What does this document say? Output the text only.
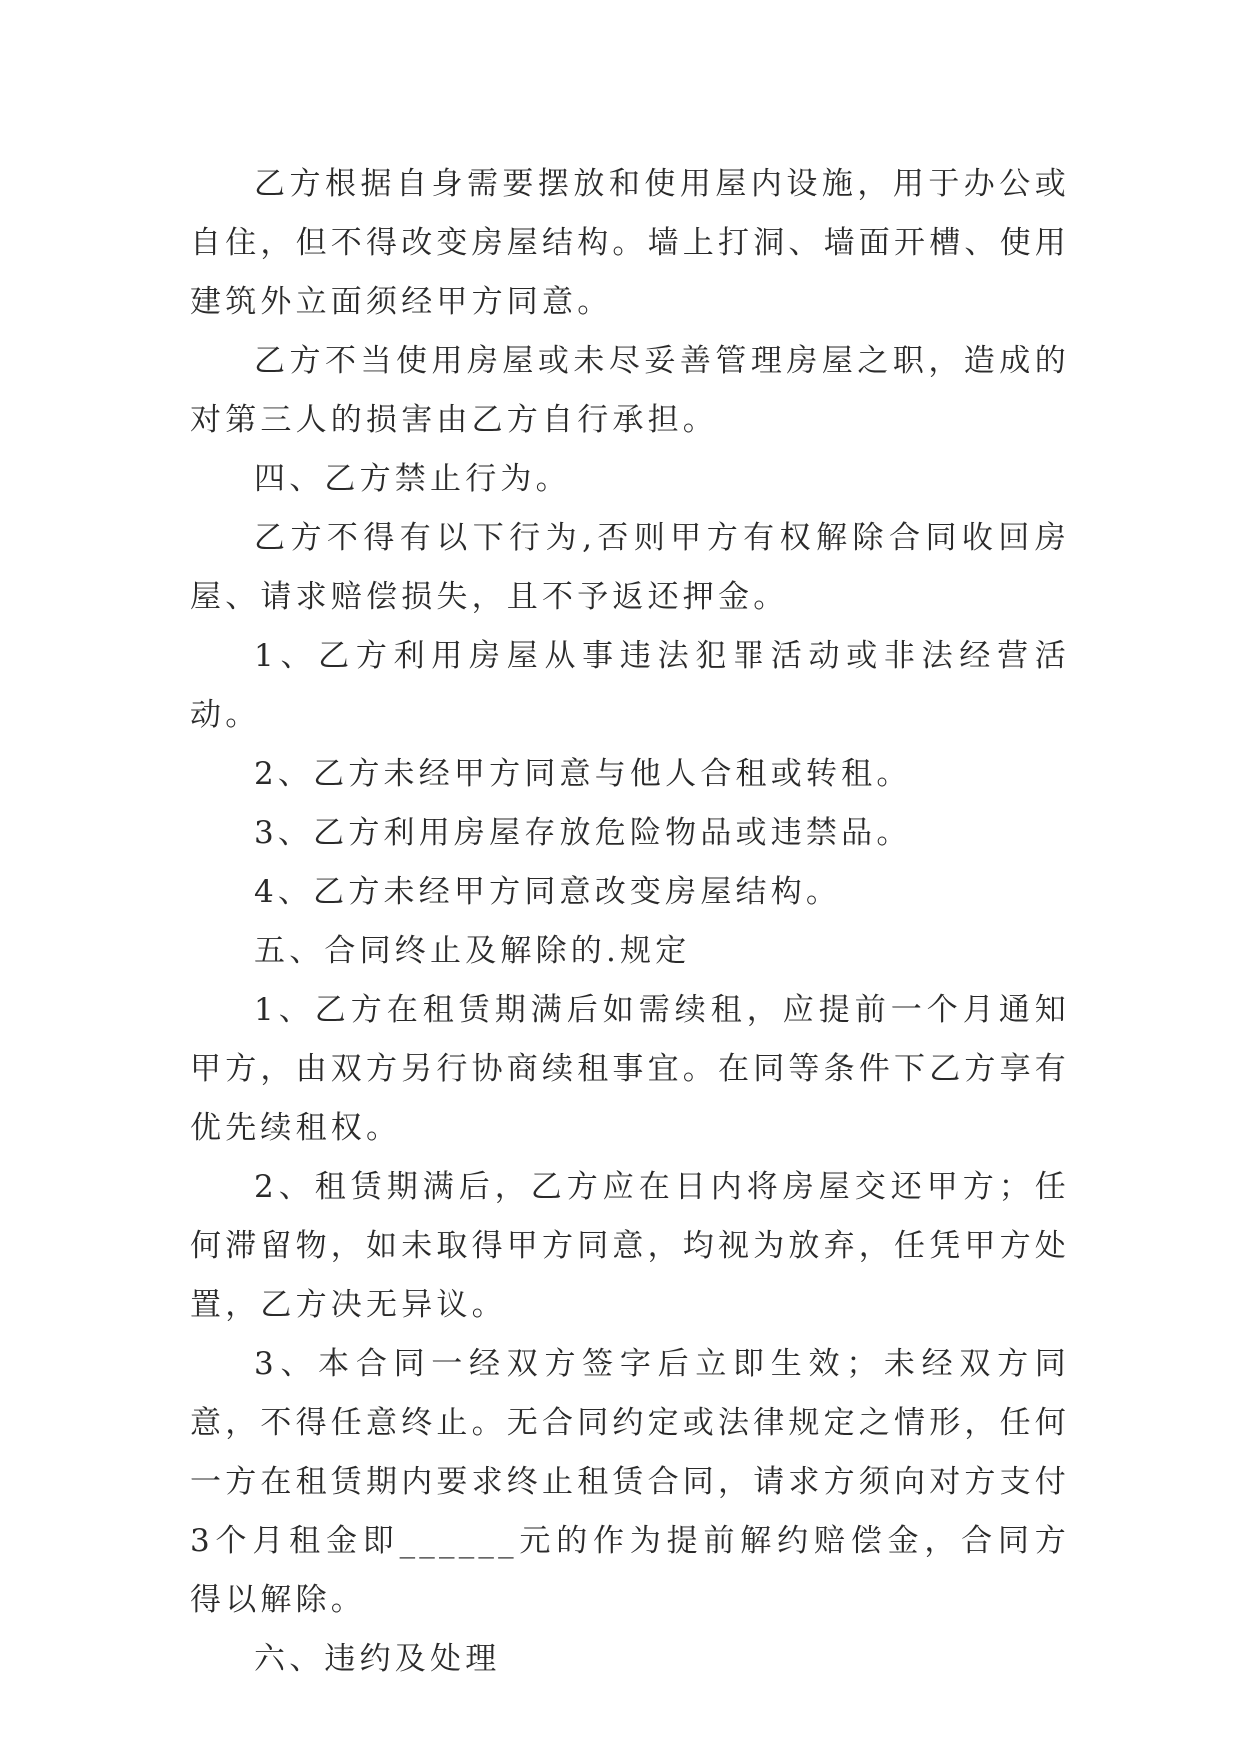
乙方根据自身需要摆放和使用屋内设施，用于办公或自住，但不得改变房屋结构。墙上打洞、墙面开槽、使用建筑外立面须经甲方同意。

乙方不当使用房屋或未尽妥善管理房屋之职，造成的对第三人的损害由乙方自行承担。

四、乙方禁止行为。

乙方不得有以下行为,否则甲方有权解除合同收回房屋、请求赔偿损失，且不予返还押金。

1、乙方利用房屋从事违法犯罪活动或非法经营活动。

2、乙方未经甲方同意与他人合租或转租。

3、乙方利用房屋存放危险物品或违禁品。

4、乙方未经甲方同意改变房屋结构。

五、合同终止及解除的.规定

1、乙方在租赁期满后如需续租，应提前一个月通知甲方，由双方另行协商续租事宜。在同等条件下乙方享有优先续租权。

2、租赁期满后，乙方应在日内将房屋交还甲方；任何滞留物，如未取得甲方同意，均视为放弃，任凭甲方处置，乙方决无异议。

3、本合同一经双方签字后立即生效；未经双方同意，不得任意终止。无合同约定或法律规定之情形，任何一方在租赁期内要求终止租赁合同，请求方须向对方支付3个月租金即______元的作为提前解约赔偿金，合同方得以解除。

六、违约及处理
